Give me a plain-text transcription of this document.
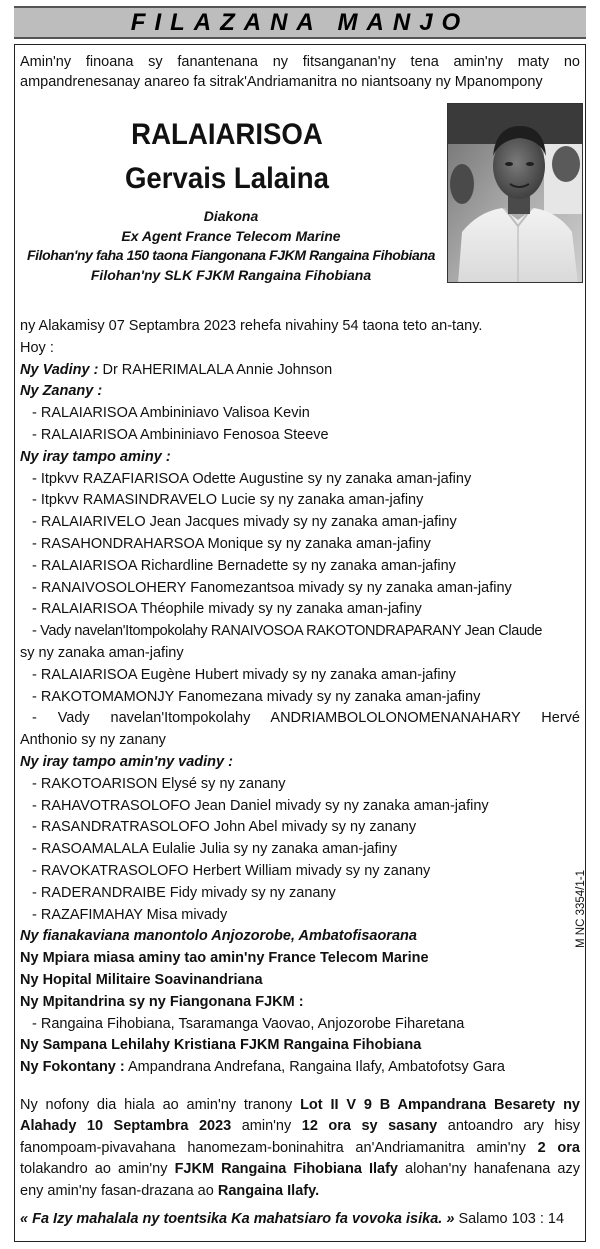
FILAZANA MANJO
Amin'ny finoana sy fanantenana ny fitsanganan'ny tena amin'ny maty no ampandrenesanay anareo fa sitrak'Andriamanitra no niantsoany ny Mpanompony
RALAIARISOA
Gervais Lalaina
Diakona
Ex Agent France Telecom Marine
Filohan'ny faha 150 taona Fiangonana FJKM Rangaina Fihobiana
Filohan'ny SLK FJKM Rangaina Fihobiana
ny Alakamisy 07 Septambra 2023 rehefa nivahiny 54 taona teto an-tany.
Hoy :
Ny Vadiny : Dr RAHERIMALALA Annie Johnson
Ny Zanany :
- RALAIARISOA Ambininiavo Valisoa Kevin
- RALAIARISOA Ambininiavo Fenosoa Steeve
Ny iray tampo aminy :
- Itpkvv RAZAFIARISOA Odette Augustine sy ny zanaka aman-jafiny
- Itpkvv RAMASINDRAVELO Lucie sy ny zanaka aman-jafiny
- RALAIARIVELO Jean Jacques mivady sy ny zanaka aman-jafiny
- RASAHONDRAHARSOA Monique sy ny zanaka aman-jafiny
- RALAIARISOA Richardline Bernadette sy ny zanaka aman-jafiny
- RANAIVOSOLOHERY Fanomezantsoa mivady sy ny zanaka aman-jafiny
- RALAIARISOA Théophile mivady sy ny zanaka aman-jafiny
- Vady navelan'Itompokolahy RANAIVOSOA RAKOTONDRAPARANY Jean Claude
sy ny zanaka aman-jafiny
- RALAIARISOA Eugène Hubert mivady sy ny zanaka aman-jafiny
- RAKOTOMAMONJY Fanomezana mivady sy ny zanaka aman-jafiny
- Vady navelan'Itompokolahy ANDRIAMBOLOLONOMENANAHARY Hervé
Anthonio sy ny zanany
Ny iray tampo amin'ny vadiny :
- RAKOTOARISON Elysé sy ny zanany
- RAHAVOTRASOLOFO Jean Daniel mivady sy ny zanaka aman-jafiny
- RASANDRATRASOLOFO John Abel mivady sy ny zanany
- RASOAMALALA Eulalie Julia sy ny zanaka aman-jafiny
- RAVOKATRASOLOFO Herbert William mivady sy ny zanany
- RADERANDRAIBE Fidy mivady sy ny zanany
- RAZAFIMAHAY Misa mivady
Ny fianakaviana manontolo Anjozorobe, Ambatofisaorana
Ny Mpiara miasa aminy tao amin'ny France Telecom Marine
Ny Hopital Militaire Soavinandriana
Ny Mpitandrina sy ny Fiangonana FJKM :
- Rangaina Fihobiana, Tsaramanga Vaovao, Anjozorobe Fiharetana
Ny Sampana Lehilahy Kristiana FJKM Rangaina Fihobiana
Ny Fokontany : Ampandrana Andrefana, Rangaina Ilafy, Ambatofotsy Gara
Ny nofony dia hiala ao amin'ny tranony Lot II V 9 B Ampandrana Besarety ny Alahady 10 Septambra 2023 amin'ny 12 ora sy sasany antoandro ary hisy fanompoam-pivavahana hanomezam-boninahitra an'Andriamanitra amin'ny 2 ora tolakandro ao amin'ny FJKM Rangaina Fihobiana Ilafy alohan'ny hanafenana azy eny amin'ny fasan-drazana ao Rangaina Ilafy.
« Fa Izy mahalala ny toentsika Ka mahatsiaro fa vovoka isika. » Salamo 103 : 14
M NC 3354/1-1
